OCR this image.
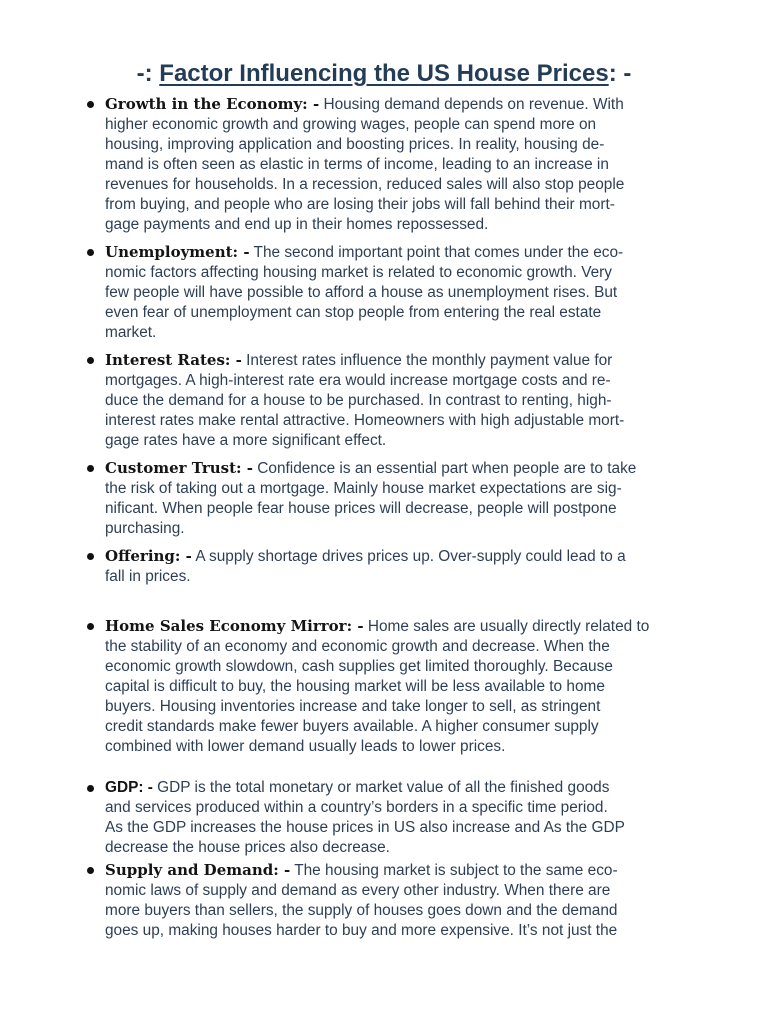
-: Factor Influencing the US House Prices: -
Growth in the Economy: - Housing demand depends on revenue. With
higher economic growth and growing wages, people can spend more on
housing, improving application and boosting prices. In reality, housing de-
mand is often seen as elastic in terms of income, leading to an increase in
revenues for households. In a recession, reduced sales will also stop people
from buying, and people who are losing their jobs will fall behind their mort-
gage payments and end up in their homes repossessed.
Unemployment: - The second important point that comes under the eco-
nomic factors affecting housing market is related to economic growth. Very
few people will have possible to afford a house as unemployment rises. But
even fear of unemployment can stop people from entering the real estate
market.
Interest Rates: - Interest rates influence the monthly payment value for
mortgages. A high-interest rate era would increase mortgage costs and re-
duce the demand for a house to be purchased. In contrast to renting, high-
interest rates make rental attractive. Homeowners with high adjustable mort-
gage rates have a more significant effect.
Customer Trust: - Confidence is an essential part when people are to take
the risk of taking out a mortgage. Mainly house market expectations are sig-
nificant. When people fear house prices will decrease, people will postpone
purchasing.
Offering: - A supply shortage drives prices up. Over-supply could lead to a
fall in prices.
Home Sales Economy Mirror: - Home sales are usually directly related to
the stability of an economy and economic growth and decrease. When the
economic growth slowdown, cash supplies get limited thoroughly. Because
capital is difficult to buy, the housing market will be less available to home
buyers. Housing inventories increase and take longer to sell, as stringent
credit standards make fewer buyers available. A higher consumer supply
combined with lower demand usually leads to lower prices.
GDP: - GDP is the total monetary or market value of all the finished goods
and services produced within a country’s borders in a specific time period.
As the GDP increases the house prices in US also increase and As the GDP
decrease the house prices also decrease.
Supply and Demand: - The housing market is subject to the same eco-
nomic laws of supply and demand as every other industry. When there are
more buyers than sellers, the supply of houses goes down and the demand
goes up, making houses harder to buy and more expensive. It’s not just the
